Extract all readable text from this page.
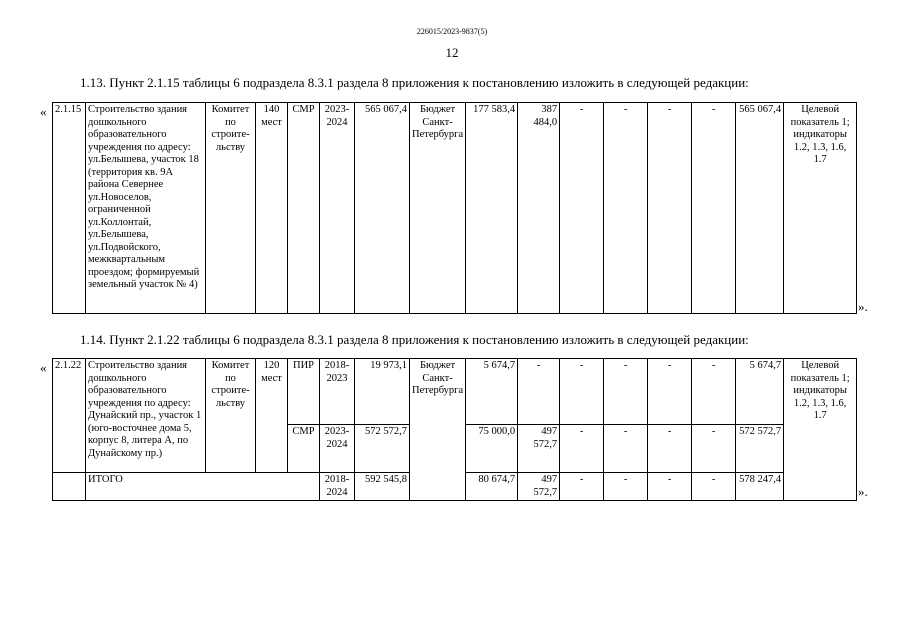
226015/2023-9837(5)
12
1.13. Пункт 2.1.15 таблицы 6 подраздела 8.3.1 раздела 8 приложения к постановлению изложить в следующей редакции:
« 2.1.15	Строительство здания дошкольного образовательного учреждения по адресу: ул.Белышева, участок 18 (территория кв. 9А района Севернее ул.Новоселов, ограниченной ул.Коллонтай, ул.Белышева, ул.Подвойского, межквартальным проездом; формируемый земельный участок № 4)	Комитет по строите-льству	140 мест	СМР	2023-2024	565 067,4	Бюджет Санкт-Петербурга	177 583,4	387 484,0	-	-	-	-	565 067,4	Целевой показатель 1; индикаторы 1.2, 1.3, 1.6, 1.7
».
1.14. Пункт 2.1.22 таблицы 6 подраздела 8.3.1 раздела 8 приложения к постановлению изложить в следующей редакции:
« 2.1.22	Строительство здания дошкольного образовательного учреждения по адресу: Дунайский пр., участок 1 (юго-восточнее дома 5, корпус 8, литера А, по Дунайскому пр.)	Комитет по строите-льству	120 мест	ПИР	2018-2023	19 973,1	Бюджет Санкт-Петербурга	5 674,7	-	-	-	-	-	5 674,7	Целевой показатель 1; индикаторы 1.2, 1.3, 1.6, 1.7
				СМР	2023-2024	572 572,7		75 000,0	497 572,7	-	-	-	-	572 572,7	
	ИТОГО				2018-2024	592 545,8		80 674,7	497 572,7	-	-	-	-	578 247,4	
».
